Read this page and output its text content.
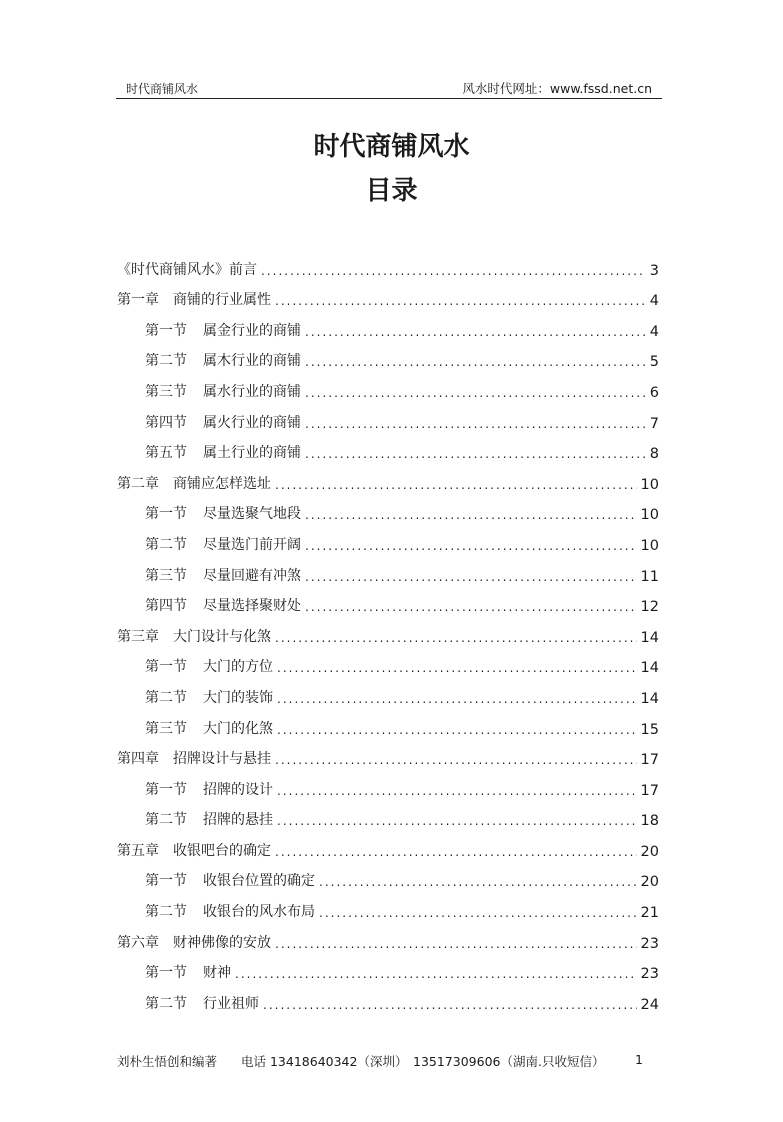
时代商铺风水	风水时代网址：www.fssd.net.cn
时代商铺风水
目录
《时代商铺风水》前言 .....	3
第一章 商铺的行业属性 .....	4
第一节 属金行业的商铺 .....	4
第二节 属木行业的商铺 .....	5
第三节 属水行业的商铺 .....	6
第四节 属火行业的商铺 .....	7
第五节 属土行业的商铺 .....	8
第二章 商铺应怎样选址 .....	10
第一节 尽量选聚气地段 .....	10
第二节 尽量选门前开阔 .....	10
第三节 尽量回避有冲煞 .....	11
第四节 尽量选择聚财处 .....	12
第三章 大门设计与化煞 .....	14
第一节 大门的方位 .....	14
第二节 大门的装饰 .....	14
第三节 大门的化煞 .....	15
第四章 招牌设计与悬挂 .....	17
第一节 招牌的设计 .....	17
第二节 招牌的悬挂 .....	18
第五章 收银吧台的确定 .....	20
第一节 收银台位置的确定 .....	20
第二节 收银台的风水布局 .....	21
第六章 财神佛像的安放 .....	23
第一节 财神 .....	23
第二节 行业祖师 .....	24
刘朴生悟创和编著 电话 13418640342（深圳） 13517309606（湖南.只收短信） 1
